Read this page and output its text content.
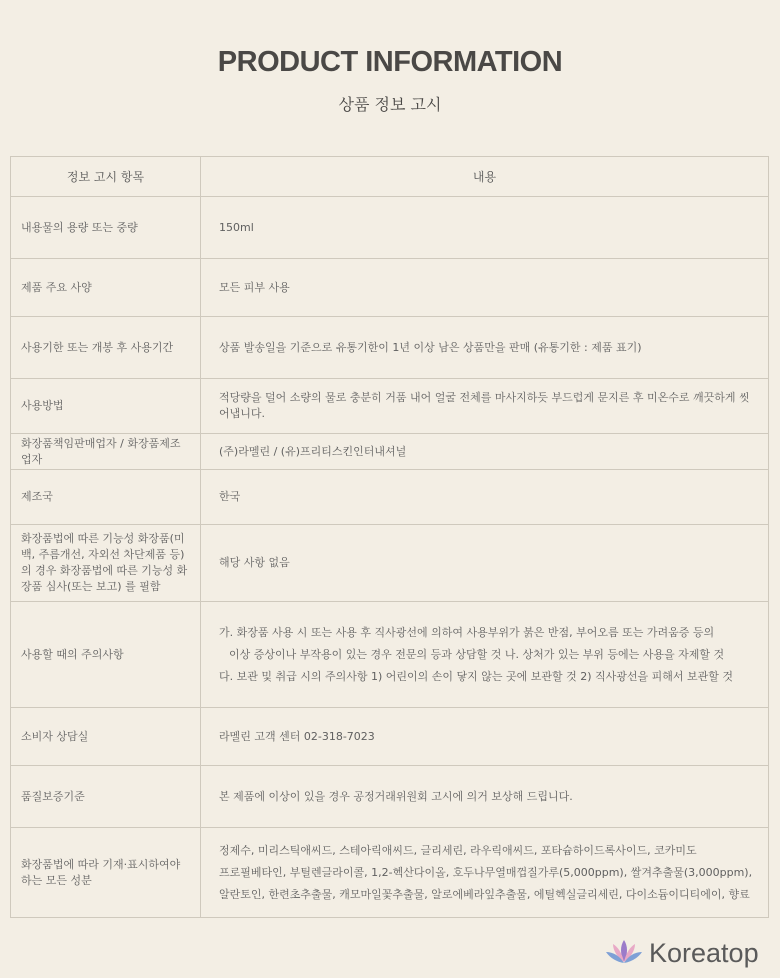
PRODUCT INFORMATION
상품 정보 고시
정보 고시 항목	내용
내용물의 용량 또는 중량	150ml
제품 주요 사양	모든 피부 사용
사용기한 또는 개봉 후 사용기간	상품 발송일을 기준으로 유통기한이 1년 이상 남은 상품만을 판매 (유통기한 : 제품 표기)
사용방법	적당량을 덜어 소량의 물로 충분히 거품 내어 얼굴 전체를 마사지하듯 부드럽게 문지른 후 미온수로 깨끗하게 씻어냅니다.
화장품책임판매업자 / 화장품제조업자	(주)라멜린 / (유)프리티스킨인터내셔널
제조국	한국
화장품법에 따른 기능성 화장품(미백, 주름개선, 자외선 차단제품 등)의 경우 화장품법에 따른 기능성 화장품 심사(또는 보고) 를 필함	해당 사항 없음
사용할 때의 주의사항	가. 화장품 사용 시 또는 사용 후 직사광선에 의하여 사용부위가 붉은 반점, 부어오름 또는 가려움증 등의

이상 증상이나 부작용이 있는 경우 전문의 등과 상담할 것 나. 상처가 있는 부위 등에는 사용을 자제할 것

다. 보관 및 취급 시의 주의사항 1) 어린이의 손이 닿지 않는 곳에 보관할 것 2) 직사광선을 피해서 보관할 것

소비자 상담실	라멜린 고객 센터 02-318-7023
품질보증기준	본 제품에 이상이 있을 경우 공정거래위원회 고시에 의거 보상해 드립니다.
화장품법에 따라 기재·표시하여야 하는 모든 성분	정제수, 미리스틱애씨드, 스테아릭애씨드, 글리세린, 라우릭애씨드, 포타슘하이드록사이드, 코카미도

프로필베타인, 부틸렌글라이콜, 1,2-헥산다이올, 호두나무열매껍질가루(5,000ppm), 쌀겨추출물(3,000ppm),

알란토인, 한련초추출물, 캐모마일꽃추출물, 알로에베라잎추출물, 에틸헥실글리세린, 다이소듐이디티에이, 향료

Koreatop
